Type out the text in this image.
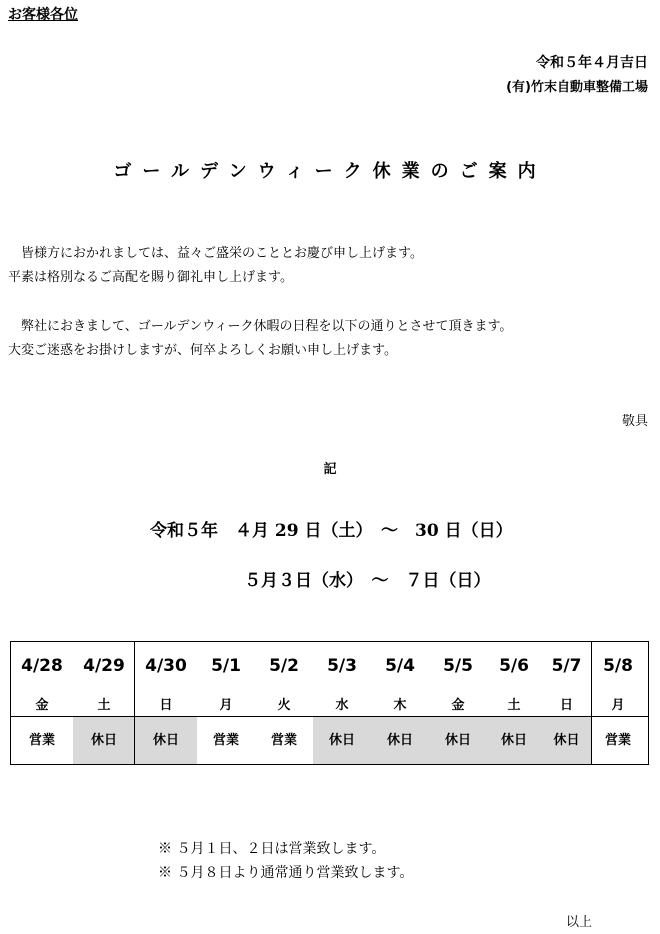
お客様各位
令和５年４月吉日
(有)竹末自動車整備工場
ゴールデンウィーク休業のご案内
　皆様方におかれましては、益々ご盛栄のこととお慶び申し上げます。
平素は格別なるご高配を賜り御礼申し上げます。
　弊社におきまして、ゴールデンウィーク休暇の日程を以下の通りとさせて頂きます。
大変ご迷惑をお掛けしますが、何卒よろしくお願い申し上げます。
敬具
記
令和５年　４月 29 日（土）　～　30 日（日）
５月３日（水）　～　７日（日）
4/28
金
営業
4/29
土
休日
4/30
日
休日
5/1
月
営業
5/2
火
営業
5/3
水
休日
5/4
木
休日
5/5
金
休日
5/6
土
休日
5/7
日
休日
5/8
月
営業
※ ５月１日、２日は営業致します。
※ ５月８日より通常通り営業致します。
以上
